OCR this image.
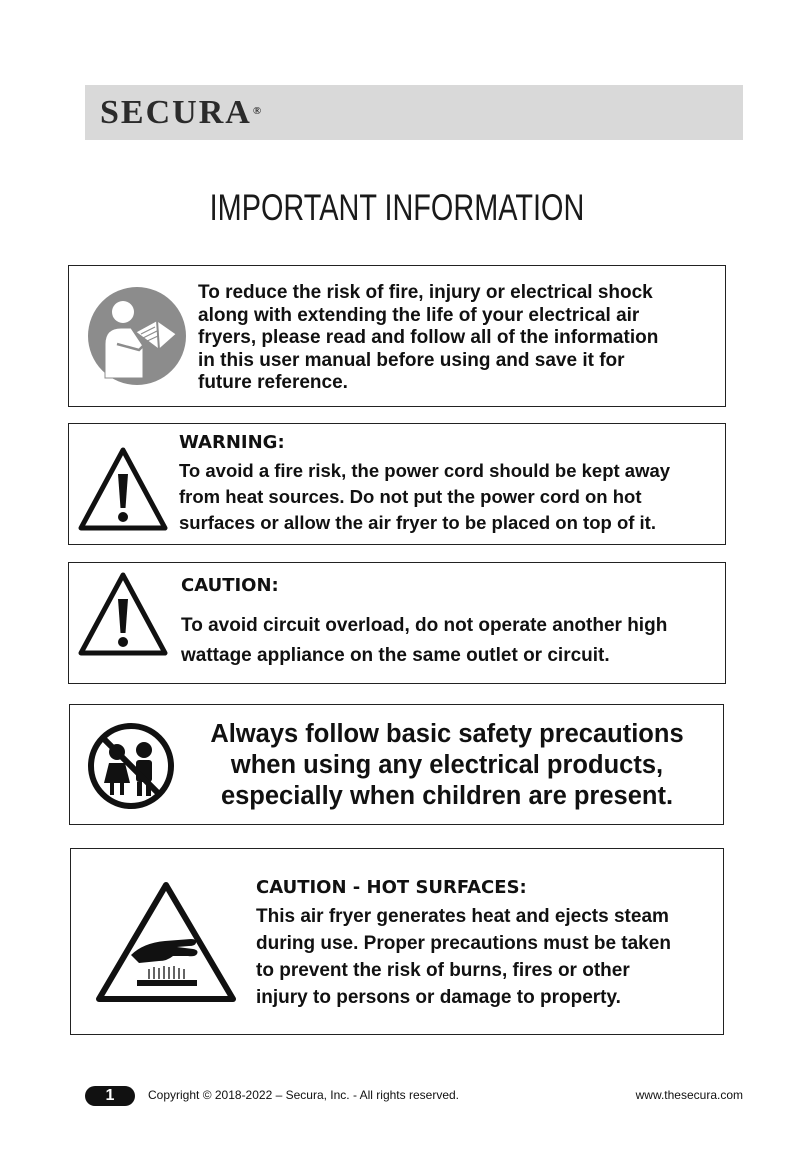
SECURA®
IMPORTANT INFORMATION
To reduce the risk of fire, injury or electrical shock
along with extending the life of your electrical air
fryers, please read and follow all of the information
in this user manual before using and save it for
future reference.
WARNING:
To avoid a fire risk, the power cord should be kept away
from heat sources. Do not put the power cord on hot
surfaces or allow the air fryer to be placed on top of it.
CAUTION:
To avoid circuit overload, do not operate another high
wattage appliance on the same outlet or circuit.
Always follow basic safety precautions
when using any electrical products,
especially when children are present.
CAUTION - HOT SURFACES:
This air fryer generates heat and ejects steam
during use. Proper precautions must be taken
to prevent the risk of burns, fires or other
injury to persons or damage to property.
1	Copyright © 2018-2022 – Secura, Inc. - All rights reserved.	www.thesecura.com
